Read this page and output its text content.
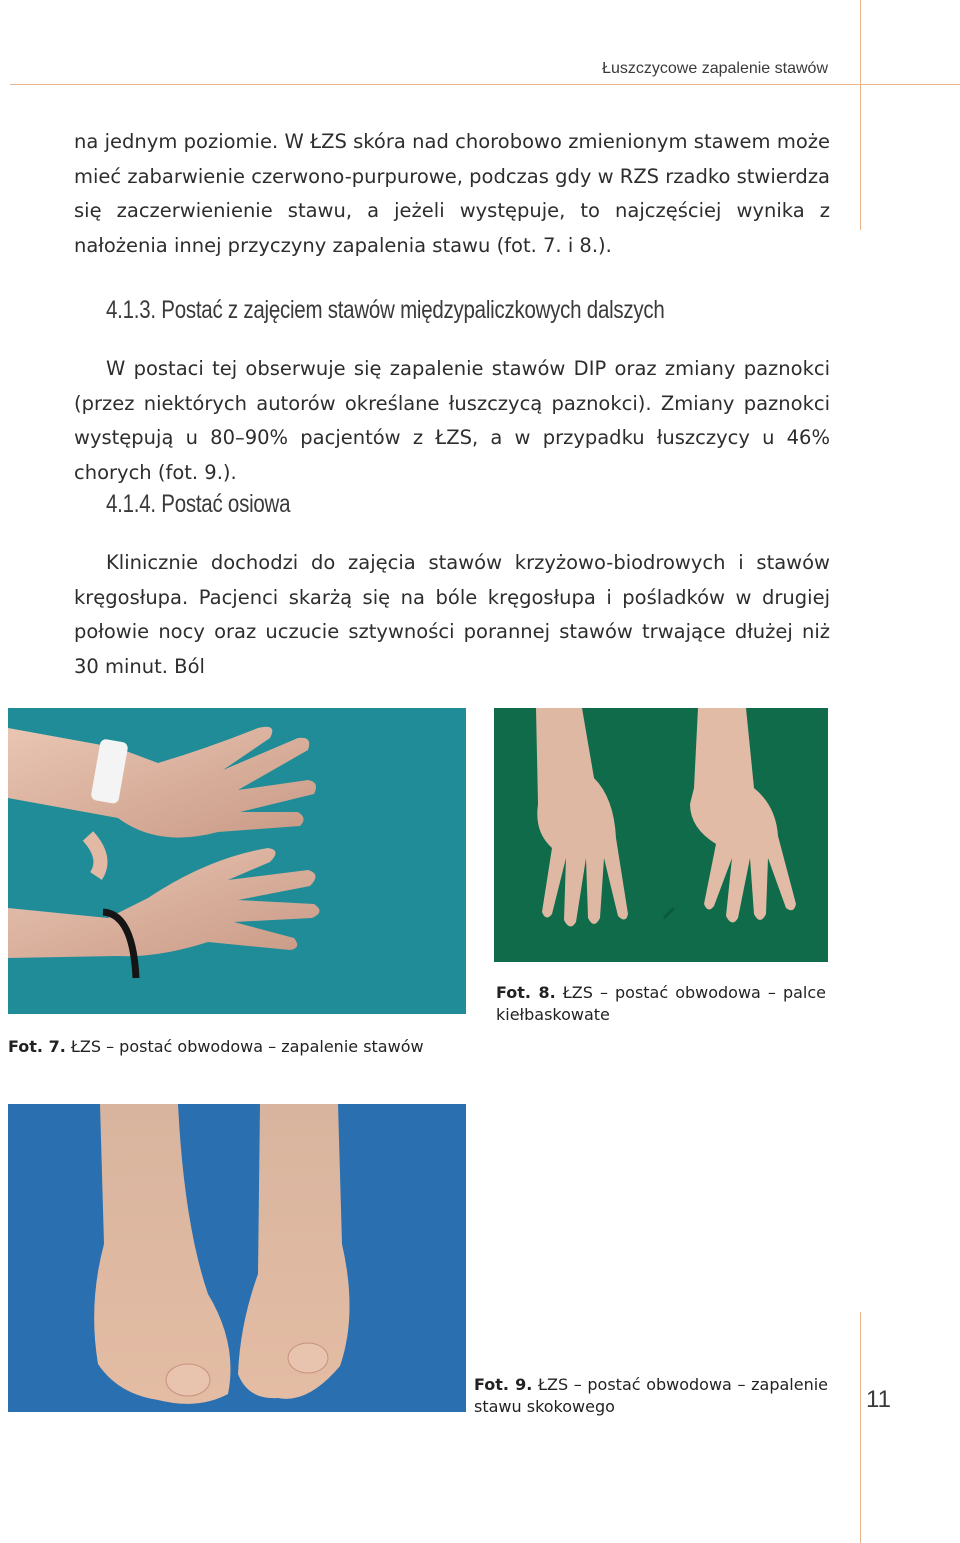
Łuszczycowe zapalenie stawów
na jednym poziomie. W ŁZS skóra nad chorobowo zmienionym stawem może mieć zabarwienie czerwono-purpurowe, podczas gdy w RZS rzadko stwierdza się zaczerwienienie stawu, a jeżeli występuje, to najczęściej wynika z nałożenia innej przyczyny zapalenia stawu (fot. 7. i 8.).
4.1.3. Postać z zajęciem stawów międzypaliczkowych dalszych
W postaci tej obserwuje się zapalenie stawów DIP oraz zmiany paznokci (przez niektórych autorów określane łuszczycą paznokci). Zmiany paznokci występują u 80–90% pacjentów z ŁZS, a w przypadku łuszczycy u 46% chorych (fot. 9.).
4.1.4. Postać osiowa
Klinicznie dochodzi do zajęcia stawów krzyżowo-biodrowych i stawów kręgosłupa. Pacjenci skarżą się na bóle kręgosłupa i pośladków w drugiej połowie nocy oraz uczucie sztywności porannej stawów trwające dłużej niż 30 minut. Ból
Fot. 8. ŁZS – postać obwodowa – palce kiełbaskowate
Fot. 7. ŁZS – postać obwodowa – zapalenie stawów
Fot. 9. ŁZS – postać obwodowa – zapalenie stawu skokowego	11
